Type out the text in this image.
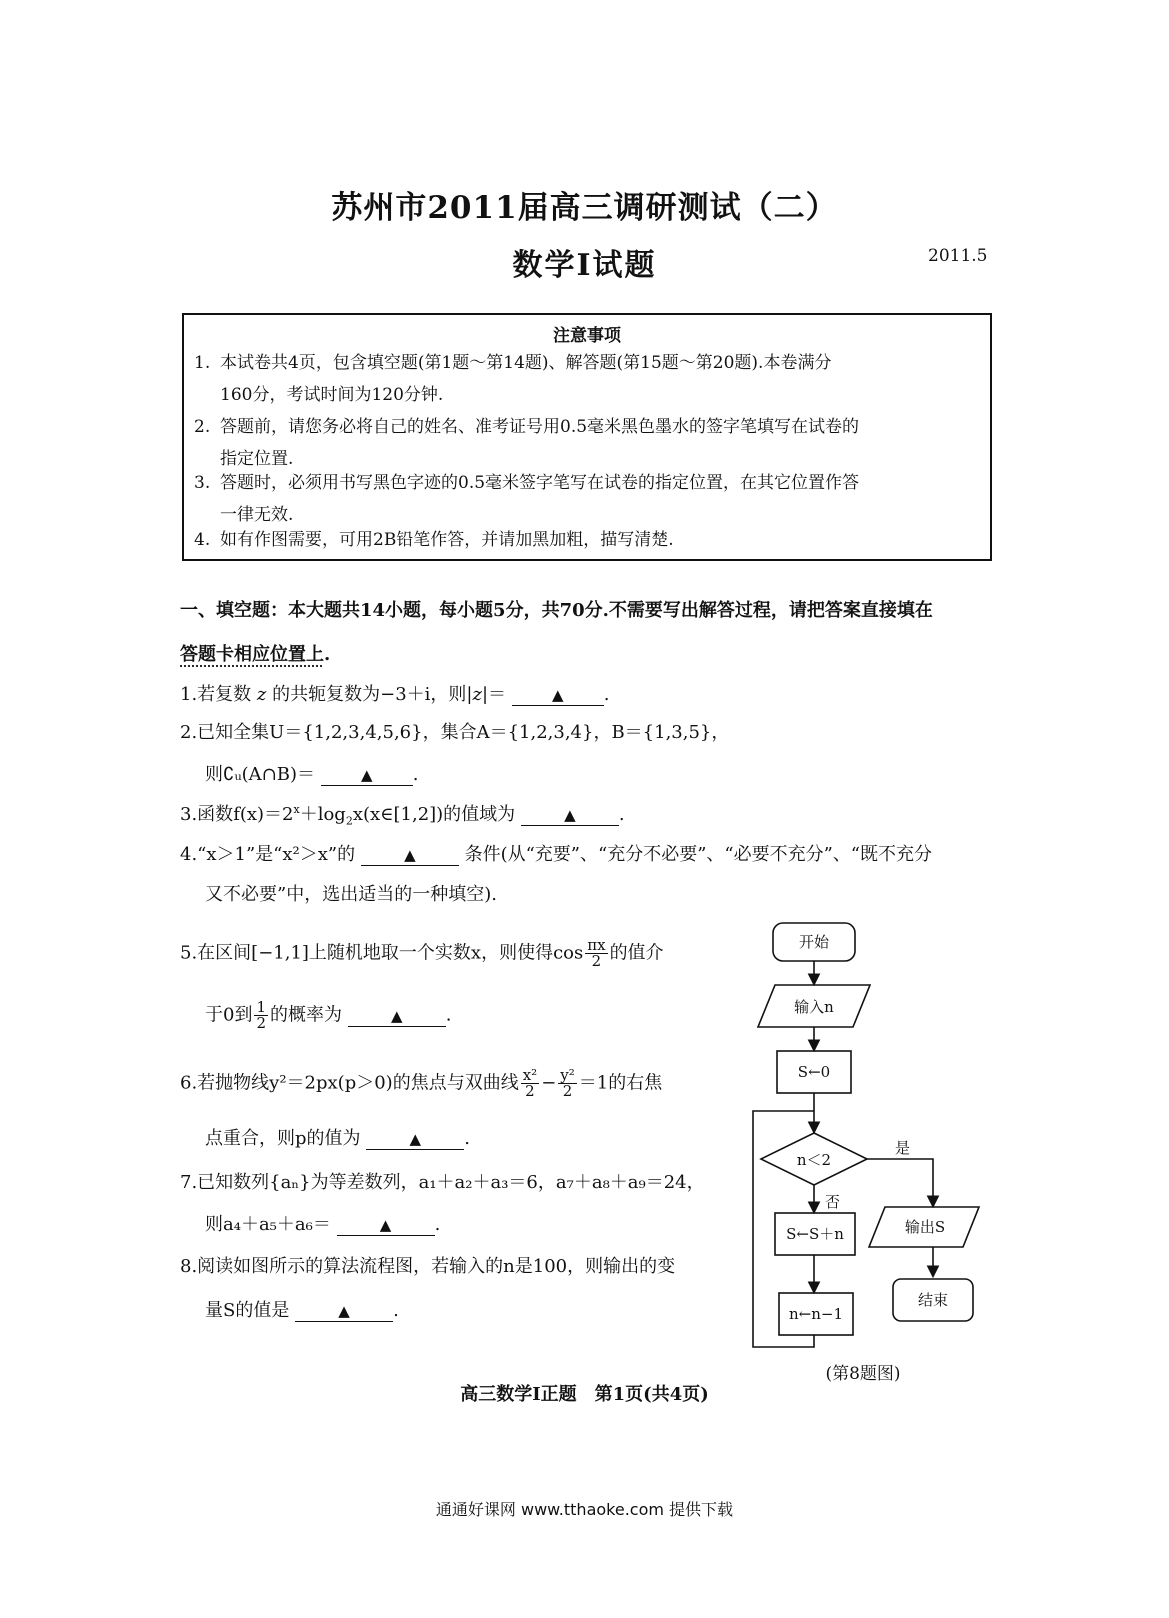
苏州市2011届高三调研测试（二）
数学Ⅰ试题	2011.5
注意事项
1. 本试卷共4页，包含填空题(第1题～第14题)、解答题(第15题～第20题).本卷满分
160分，考试时间为120分钟.
2. 答题前，请您务必将自己的姓名、准考证号用0.5毫米黑色墨水的签字笔填写在试卷的
指定位置.
3. 答题时，必须用书写黑色字迹的0.5毫米签字笔写在试卷的指定位置，在其它位置作答
一律无效.
4. 如有作图需要，可用2B铅笔作答，并请加黑加粗，描写清楚.
一、填空题：本大题共14小题，每小题5分，共70分.不需要写出解答过程，请把答案直接填在
答题卡相应位置上.
1.若复数 z 的共轭复数为−3＋i，则|z|＝	▲ .
2.已知全集U＝{1,2,3,4,5,6}，集合A＝{1,2,3,4}，B＝{1,3,5}，
则∁ᵤ(A∩B)＝	▲ .
3.函数$f(x)=2^x+\log_2x(x\in[1,2])$的值域为	▲ .
4.“x＞1”是“x²＞x”的	▲	条件(从“充要”、“充分不必要”、“必要不充分”、“既不充分
又不必要”中，选出适当的一种填空).
5.在区间[−1,1]上随机地取一个实数x，则使得$\cos \frac{\pi x}{2}$ 的值介
于0到 $\frac{1}{2}$ 的概率为	▲ .
6.若抛物线y²＝2px(p＞0)的焦点与双曲线 $\frac{\text{x²}}{2} - \frac{\text{y²}}{2} =1$的右焦
点重合，则p的值为	▲ .
7.已知数列{aₙ}为等差数列，a₁＋a₂＋a₃＝6，a₇＋a₈＋a₉＝24，
则a₄＋a₅＋a₆＝	▲ .
8.阅读如图所示的算法流程图，若输入的n是100，则输出的变
量S的值是	▲ .
开始
输入n
S←0
n＜2
是
否
S←S＋n
n←n−1
输出S
结束
(第8题图)
高三数学Ⅰ正题　第1页(共4页)
通通好课网 www.tthaoke.com 提供下载
